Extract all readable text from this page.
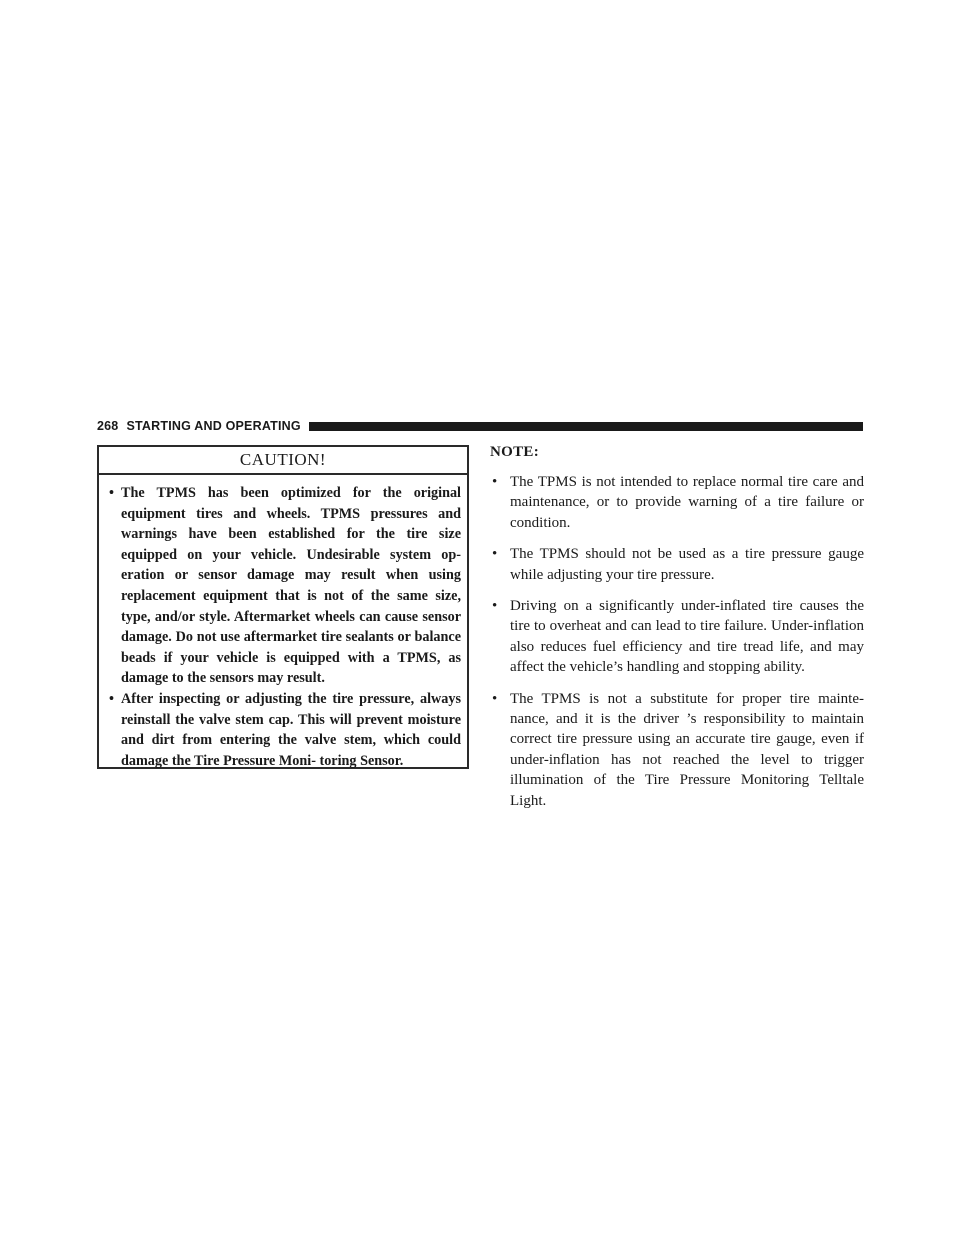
268 STARTING AND OPERATING
CAUTION!
• The TPMS has been optimized for the original equipment tires and wheels. TPMS pressures and warnings have been established for the tire size equipped on your vehicle. Undesirable system op- eration or sensor damage may result when using replacement equipment that is not of the same size, type, and/or style. Aftermarket wheels can cause sensor damage. Do not use aftermarket tire sealants or balance beads if your vehicle is equipped with a TPMS, as damage to the sensors may result.
• After inspecting or adjusting the tire pressure, always reinstall the valve stem cap. This will prevent moisture and dirt from entering the valve stem, which could damage the Tire Pressure Moni- toring Sensor.
NOTE:
• The TPMS is not intended to replace normal tire care and maintenance, or to provide warning of a tire failure or condition.
• The TPMS should not be used as a tire pressure gauge while adjusting your tire pressure.
• Driving on a significantly under-inflated tire causes the tire to overheat and can lead to tire failure. Under-inflation also reduces fuel efficiency and tire tread life, and may affect the vehicle’s handling and stopping ability.
• The TPMS is not a substitute for proper tire mainte- nance, and it is the driver ’s responsibility to maintain correct tire pressure using an accurate tire gauge, even if under-inflation has not reached the level to trigger illumination of the Tire Pressure Monitoring Telltale Light.
